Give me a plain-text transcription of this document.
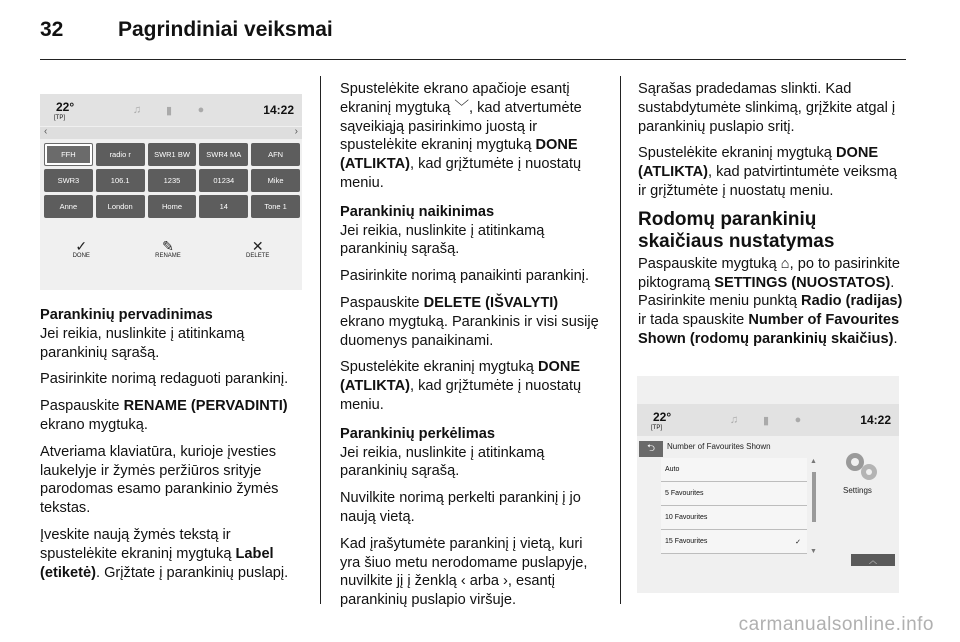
32	Pagrindiniai veiksmai
22°
[TP]
♫	▮	●	14:22
‹	›
FFH	radio r	SWR1 BW	SWR4 MA	AFN
SWR3	106.1	1235	01234	Mike
Anne	London	Home	14	Tone 1
✓
DONE
✎
RENAME
✕
DELETE
Parankinių pervadinimas

Jei reikia, nuslinkite į atitinkamą parankinių sąrašą.

Pasirinkite norimą redaguoti parankinį.

Paspauskite RENAME (PERVADINTI) ekrano mygtuką.

Atveriama klaviatūra, kurioje įvesties laukelyje ir žymės peržiūros srityje parodomas esamo parankinio žymės tekstas.

Įveskite naują žymės tekstą ir spustelėkite ekraninį mygtuką Label (etiketė). Grįžtate į parankinių puslapį.

Spustelėkite ekrano apačioje esantį ekraninį mygtuką ﹀, kad atvertumėte sąveikiąją pasirinkimo juostą ir spustelėkite ekraninį mygtuką DONE (ATLIKTA), kad grįžtumėte į nuostatų meniu.

Parankinių naikinimas

Jei reikia, nuslinkite į atitinkamą parankinių sąrašą.

Pasirinkite norimą panaikinti parankinį.

Paspauskite DELETE (IŠVALYTI) ekrano mygtuką. Parankinis ir visi susiję duomenys panaikinami.

Spustelėkite ekraninį mygtuką DONE (ATLIKTA), kad grįžtumėte į nuostatų meniu.

Parankinių perkėlimas

Jei reikia, nuslinkite į atitinkamą parankinių sąrašą.

Nuvilkite norimą perkelti parankinį į jo naują vietą.

Kad įrašytumėte parankinį į vietą, kuri yra šiuo metu nerodomame puslapyje, nuvilkite jį į ženklą ‹ arba ›, esantį parankinių puslapio viršuje.

Sąrašas pradedamas slinkti. Kad sustabdytumėte slinkimą, grįžkite atgal į parankinių puslapio sritį.

Spustelėkite ekraninį mygtuką DONE (ATLIKTA), kad patvirtintumėte veiksmą ir grįžtumėte į nuostatų meniu.

Rodomų parankinių skaičiaus nustatymas

Paspauskite mygtuką ⌂, po to pasirinkite piktogramą SETTINGS (NUOSTATOS). Pasirinkite meniu punktą Radio (radijas) ir tada spauskite Number of Favourites Shown (rodomų parankinių skaičius).

22°
[TP]
♫	▮	●	14:22
⮌	Number of Favourites Shown
Auto
5 Favourites
10 Favourites
15 Favourites	✓
▲
▼
Settings
︿
carmanualsonline.info
